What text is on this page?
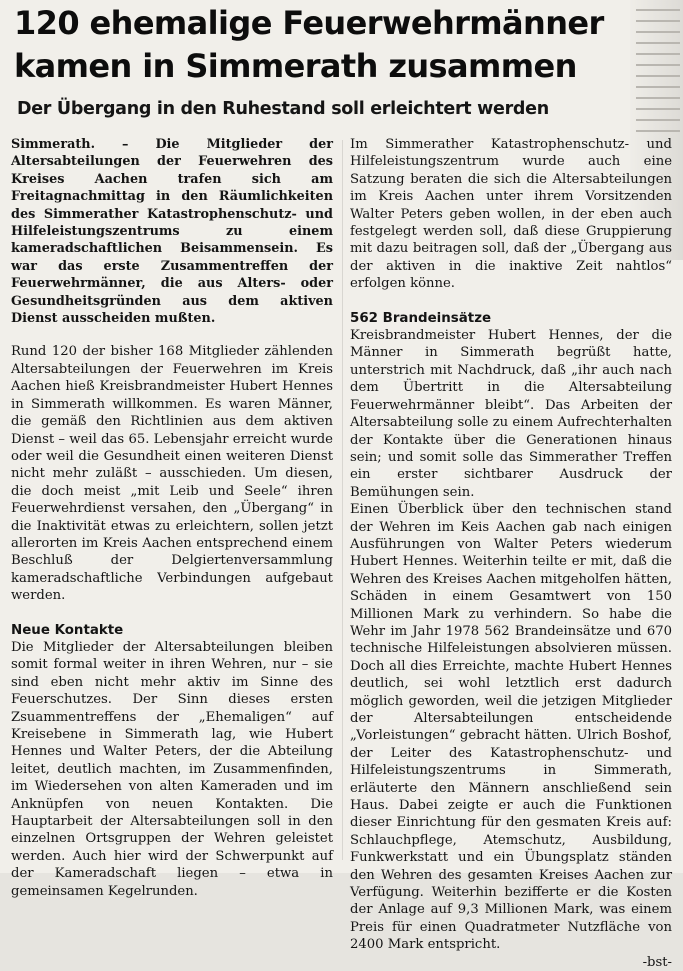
120 ehemalige Feuerwehrmänner
kamen in Simmerath zusammen
Der Übergang in den Ruhestand soll erleichtert werden

Simmerath. – Die Mitglieder der Altersabteilungen der Feuerwehren des Kreises Aachen trafen sich am Freitagnachmittag in den Räumlichkeiten des Simmerather Katastrophenschutz- und Hilfeleistungszentrums zu einem kameradschaftlichen Beisammensein. Es war das erste Zusammentreffen der Feuerwehrmänner, die aus Alters- oder Gesundheitsgründen aus dem aktiven Dienst ausscheiden mußten.

Rund 120 der bisher 168 Mitglieder zählenden Altersabteilungen der Feuerwehren im Kreis Aachen hieß Kreisbrandmeister Hubert Hennes in Simmerath willkommen. Es waren Männer, die gemäß den Richtlinien aus dem aktiven Dienst – weil das 65. Lebensjahr erreicht wurde oder weil die Gesundheit einen weiteren Dienst nicht mehr zuläßt – ausschieden. Um diesen, die doch meist „mit Leib und Seele“ ihren Feuerwehrdienst versahen, den „Übergang“ in die Inaktivität etwas zu erleichtern, sollen jetzt allerorten im Kreis Aachen entsprechend einem Beschluß der Delgiertenversammlung kameradschaftliche Verbindungen aufgebaut werden.

Neue Kontakte

Die Mitglieder der Altersabteilungen bleiben somit formal weiter in ihren Wehren, nur – sie sind eben nicht mehr aktiv im Sinne des Feuerschutzes. Der Sinn dieses ersten Zsuammentreffens der „Ehemaligen“ auf Kreisebene in Simmerath lag, wie Hubert Hennes und Walter Peters, der die Abteilung leitet, deutlich machten, im Zusammenfinden, im Wiedersehen von alten Kameraden und im Anknüpfen von neuen Kontakten. Die Hauptarbeit der Altersabteilungen soll in den einzelnen Ortsgruppen der Wehren geleistet werden. Auch hier wird der Schwerpunkt auf der Kameradschaft liegen – etwa in gemeinsamen Kegelrunden.

Im Simmerather Katastrophenschutz- und Hilfeleistungszentrum wurde auch eine Satzung beraten die sich die Altersabteilungen im Kreis Aachen unter ihrem Vorsitzenden Walter Peters geben wollen, in der eben auch festgelegt werden soll, daß diese Gruppierung mit dazu beitragen soll, daß der „Übergang aus der aktiven in die inaktive Zeit nahtlos“ erfolgen könne.

562 Brandeinsätze

Kreisbrandmeister Hubert Hennes, der die Männer in Simmerath begrüßt hatte, unterstrich mit Nachdruck, daß „ihr auch nach dem Übertritt in die Altersabteilung Feuerwehrmänner bleibt“. Das Arbeiten der Altersabteilung solle zu einem Aufrechterhalten der Kontakte über die Generationen hinaus sein; und somit solle das Simmerather Treffen ein erster sichtbarer Ausdruck der Bemühungen sein.

Einen Überblick über den technischen stand der Wehren im Keis Aachen gab nach einigen Ausführungen von Walter Peters wiederum Hubert Hennes. Weiterhin teilte er mit, daß die Wehren des Kreises Aachen mitgeholfen hätten, Schäden in einem Gesamtwert von 150 Millionen Mark zu verhindern. So habe die Wehr im Jahr 1978 562 Brandeinsätze und 670 technische Hilfeleistungen absolvieren müssen. Doch all dies Erreichte, machte Hubert Hennes deutlich, sei wohl letztlich erst dadurch möglich geworden, weil die jetzigen Mitglieder der Altersabteilungen entscheidende „Vorleistungen“ gebracht hätten. Ulrich Boshof, der Leiter des Katastrophenschutz- und Hilfeleistungszentrums in Simmerath, erläuterte den Männern anschließend sein Haus. Dabei zeigte er auch die Funktionen dieser Einrichtung für den gesmaten Kreis auf: Schlauchpflege, Atemschutz, Ausbildung, Funkwerkstatt und ein Übungsplatz ständen den Wehren des gesamten Kreises Aachen zur Verfügung. Weiterhin bezifferte er die Kosten der Anlage auf 9,3 Millionen Mark, was einem Preis für einen Quadratmeter Nutzfläche von 2400 Mark entspricht.

-bst-
